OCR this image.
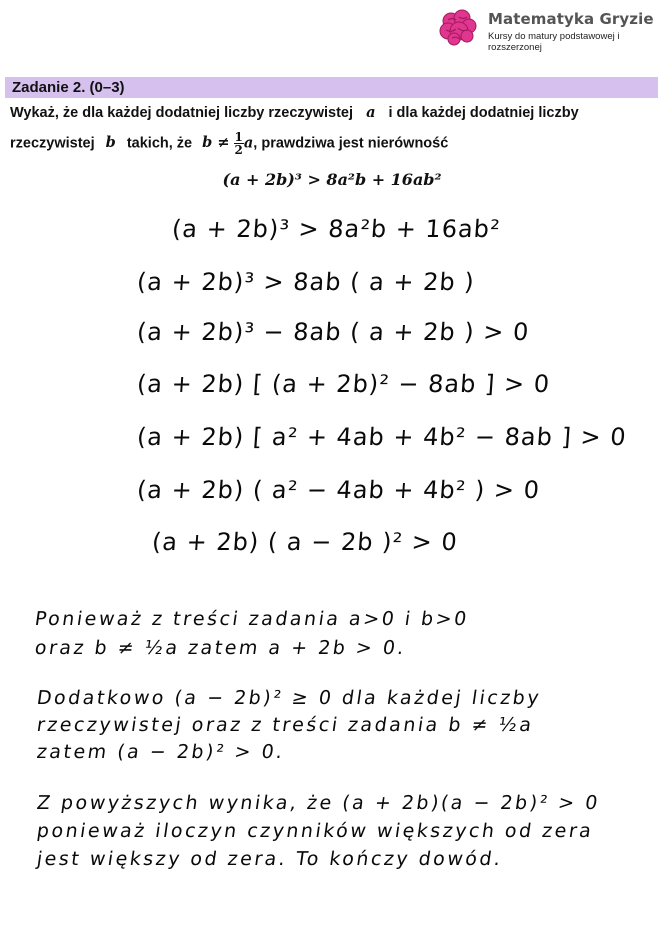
Matematyka Gryzie
Kursy do matury podstawowej i rozszerzonej
Zadanie 2. (0–3)
Wykaż, że dla każdej dodatniej liczby rzeczywistej a i dla każdej dodatniej liczby
rzeczywistej b takich, że $b \ne \frac{1}{2} a$, prawdziwa jest nierówność
(a + 2b)³ > 8a²b + 16ab²
(a + 2b)³ > 8a²b + 16ab²
(a + 2b)³ > 8ab ( a + 2b )
(a + 2b)³ − 8ab ( a + 2b ) > 0
(a + 2b) [ (a + 2b)² − 8ab ] > 0
(a + 2b) [ a² + 4ab + 4b² − 8ab ] > 0
(a + 2b) ( a² − 4ab + 4b² ) > 0
(a + 2b) ( a − 2b )² > 0
Ponieważ z treści zadania a>0 i b>0
oraz b ≠ ½a zatem a + 2b > 0.
Dodatkowo (a − 2b)² ≥ 0 dla każdej liczby
rzeczywistej oraz z treści zadania b ≠ ½a
zatem (a − 2b)² > 0.
Z powyższych wynika, że (a + 2b)(a − 2b)² > 0
ponieważ iloczyn czynników większych od zera
jest większy od zera. To kończy dowód.
